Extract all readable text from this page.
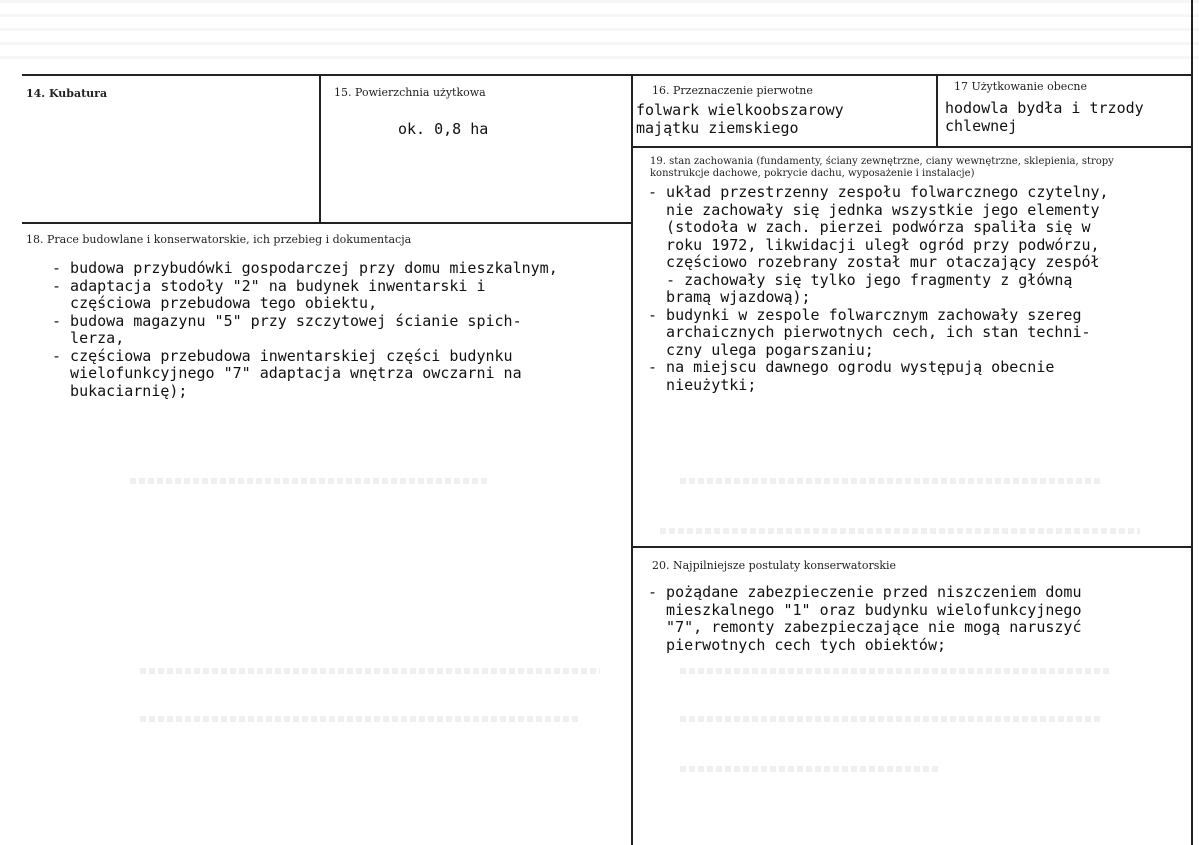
14. Kubatura	15. Powierzchnia użytkowa
ok. 0,8 ha
16. Przeznaczenie pierwotne
folwark wielkoobszarowy
majątku ziemskiego
17 Użytkowanie obecne
hodowla bydła i trzody
chlewnej
19. stan zachowania (fundamenty, ściany zewnętrzne, ciany wewnętrzne, sklepienia, stropy
konstrukcje dachowe, pokrycie dachu, wyposażenie i instalacje)
- układ przestrzenny zespołu folwarcznego czytelny,
nie zachowały się jednka wszystkie jego elementy
(stodoła w zach. pierzei podwórza spaliła się w
roku 1972, likwidacji uległ ogród przy podwórzu,
częściowo rozebrany został mur otaczający zespół
- zachowały się tylko jego fragmenty z główną
bramą wjazdową);
- budynki w zespole folwarcznym zachowały szereg
archaicznych pierwotnych cech, ich stan techni-
czny ulega pogarszaniu;
- na miejscu dawnego ogrodu występują obecnie
nieużytki;
18. Prace budowlane i konserwatorskie, ich przebieg i dokumentacja
- budowa przybudówki gospodarczej przy domu mieszkalnym,
- adaptacja stodoły "2" na budynek inwentarski i
częściowa przebudowa tego obiektu,
- budowa magazynu "5" przy szczytowej ścianie spich-
lerza,
- częściowa przebudowa inwentarskiej części budynku
wielofunkcyjnego "7" adaptacja wnętrza owczarni na
bukaciarnię);
20. Najpilniejsze postulaty konserwatorskie
- pożądane zabezpieczenie przed niszczeniem domu
mieszkalnego "1" oraz budynku wielofunkcyjnego
"7", remonty zabezpieczające nie mogą naruszyć
pierwotnych cech tych obiektów;
